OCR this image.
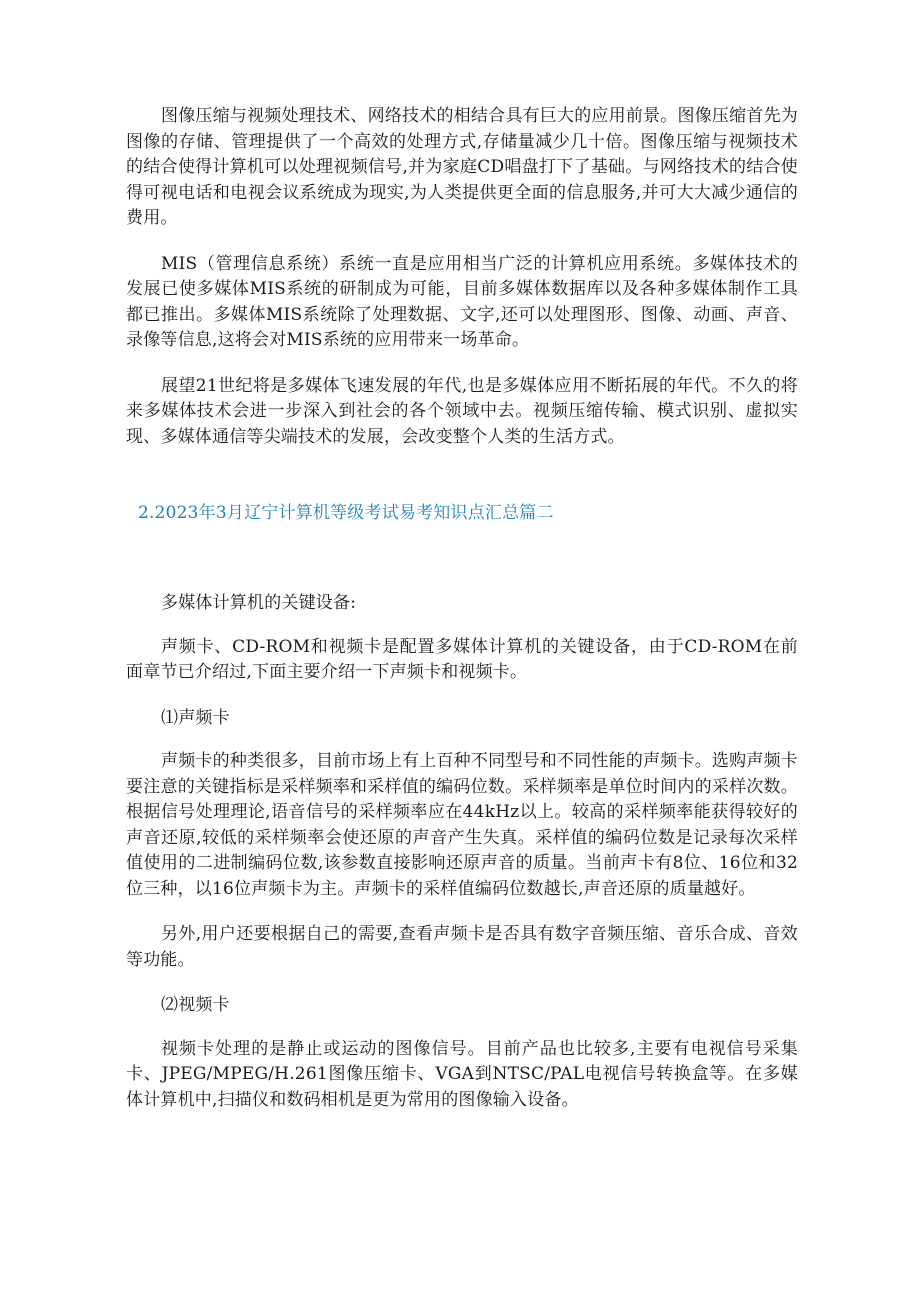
图像压缩与视频处理技术、网络技术的相结合具有巨大的应用前景。图像压缩首先为图像的存储、管理提供了一个高效的处理方式,存储量减少几十倍。图像压缩与视频技术的结合使得计算机可以处理视频信号,并为家庭CD唱盘打下了基础。与网络技术的结合使得可视电话和电视会议系统成为现实,为人类提供更全面的信息服务,并可大大减少通信的费用。

MIS（管理信息系统）系统一直是应用相当广泛的计算机应用系统。多媒体技术的发展已使多媒体MIS系统的研制成为可能，目前多媒体数据库以及各种多媒体制作工具都已推出。多媒体MIS系统除了处理数据、文字,还可以处理图形、图像、动画、声音、录像等信息,这将会对MIS系统的应用带来一场革命。

展望21世纪将是多媒体飞速发展的年代,也是多媒体应用不断拓展的年代。不久的将来多媒体技术会进一步深入到社会的各个领域中去。视频压缩传输、模式识别、虚拟实现、多媒体通信等尖端技术的发展，会改变整个人类的生活方式。

2.2023年3月辽宁计算机等级考试易考知识点汇总篇二

多媒体计算机的关键设备:

声频卡、CD-ROM和视频卡是配置多媒体计算机的关键设备，由于CD-ROM在前面章节已介绍过,下面主要介绍一下声频卡和视频卡。

⑴声频卡

声频卡的种类很多，目前市场上有上百种不同型号和不同性能的声频卡。选购声频卡要注意的关键指标是采样频率和采样值的编码位数。采样频率是单位时间内的采样次数。根据信号处理理论,语音信号的采样频率应在44kHz以上。较高的采样频率能获得较好的声音还原,较低的采样频率会使还原的声音产生失真。采样值的编码位数是记录每次采样值使用的二进制编码位数,该参数直接影响还原声音的质量。当前声卡有8位、16位和32位三种，以16位声频卡为主。声频卡的采样值编码位数越长,声音还原的质量越好。

另外,用户还要根据自己的需要,查看声频卡是否具有数字音频压缩、音乐合成、音效等功能。

⑵视频卡

视频卡处理的是静止或运动的图像信号。目前产品也比较多,主要有电视信号采集卡、JPEG/MPEG/H.261图像压缩卡、VGA到NTSC/PAL电视信号转换盒等。在多媒体计算机中,扫描仪和数码相机是更为常用的图像输入设备。
